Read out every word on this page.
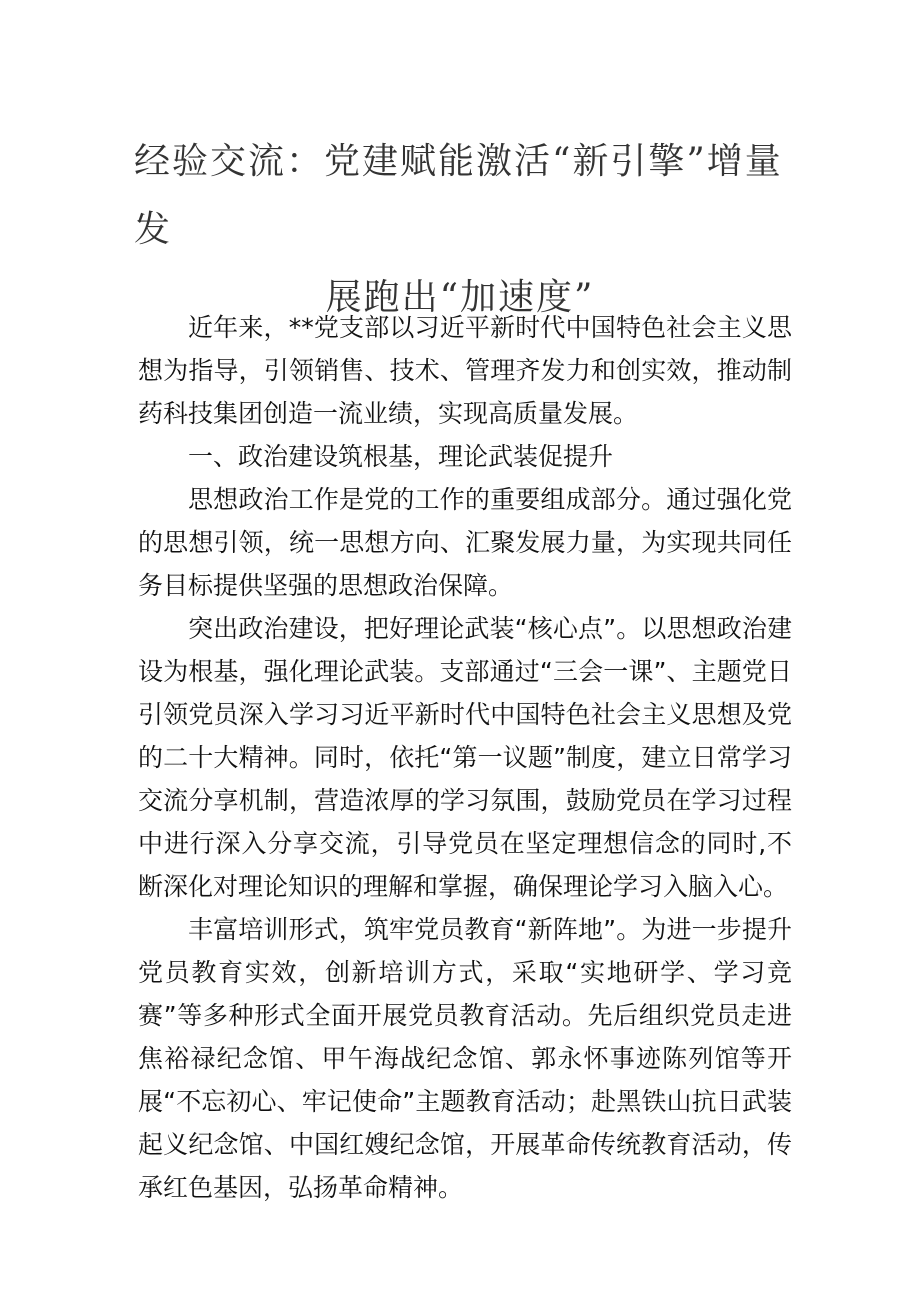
经验交流：党建赋能激活“新引擎”增量发
展跑出“加速度”

近年来，**党支部以习近平新时代中国特色社会主义思想为指导，引领销售、技术、管理齐发力和创实效，推动制药科技集团创造一流业绩，实现高质量发展。

一、政治建设筑根基，理论武装促提升

思想政治工作是党的工作的重要组成部分。通过强化党的思想引领，统一思想方向、汇聚发展力量，为实现共同任务目标提供坚强的思想政治保障。

突出政治建设，把好理论武装“核心点”。以思想政治建设为根基，强化理论武装。支部通过“三会一课”、主题党日引领党员深入学习习近平新时代中国特色社会主义思想及党的二十大精神。同时，依托“第一议题”制度，建立日常学习交流分享机制，营造浓厚的学习氛围，鼓励党员在学习过程中进行深入分享交流，引导党员在坚定理想信念的同时,不断深化对理论知识的理解和掌握，确保理论学习入脑入心。

丰富培训形式，筑牢党员教育“新阵地”。为进一步提升党员教育实效，创新培训方式，采取“实地研学、学习竞赛”等多种形式全面开展党员教育活动。先后组织党员走进焦裕禄纪念馆、甲午海战纪念馆、郭永怀事迹陈列馆等开展“不忘初心、牢记使命”主题教育活动；赴黑铁山抗日武装起义纪念馆、中国红嫂纪念馆，开展革命传统教育活动，传承红色基因，弘扬革命精神。
